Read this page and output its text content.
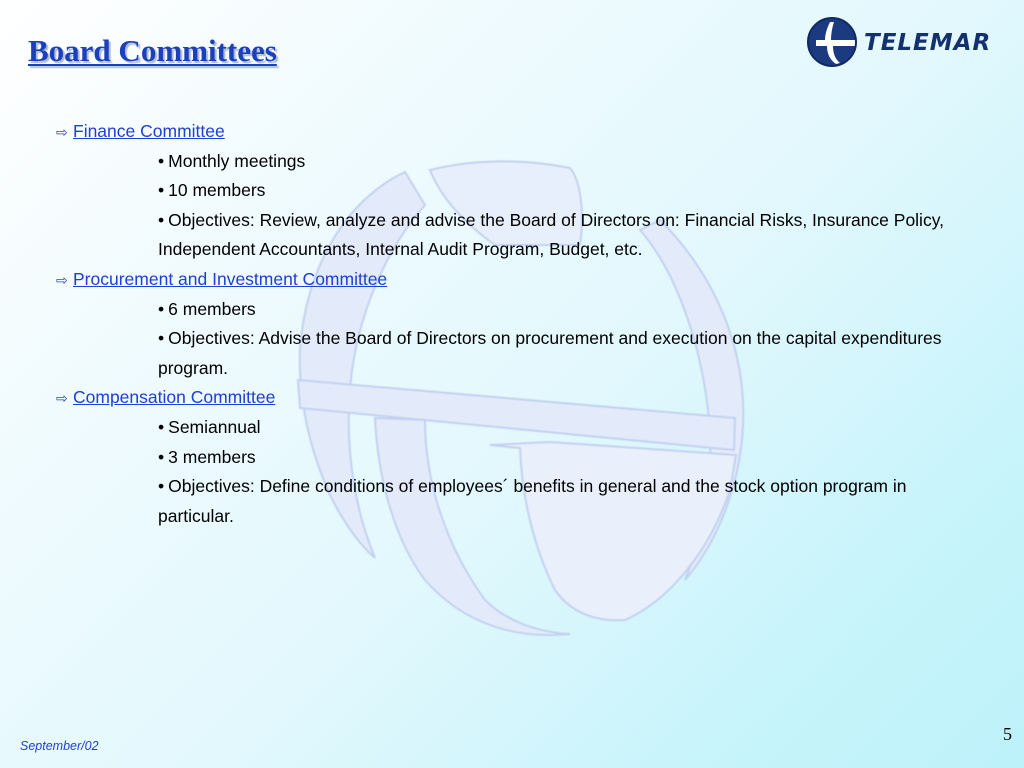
Board Committees	TELEMAR
⇨ Finance Committee
• Monthly meetings
• 10 members
• Objectives: Review, analyze and advise the Board of Directors on: Financial Risks, Insurance Policy, Independent Accountants, Internal Audit Program, Budget, etc.
⇨ Procurement and Investment Committee
• 6 members
• Objectives: Advise the Board of Directors on procurement and execution on the capital expenditures program.
⇨ Compensation Committee
• Semiannual
• 3 members
• Objectives: Define conditions of employees´ benefits in general and the stock option program in particular.
September/02
5
